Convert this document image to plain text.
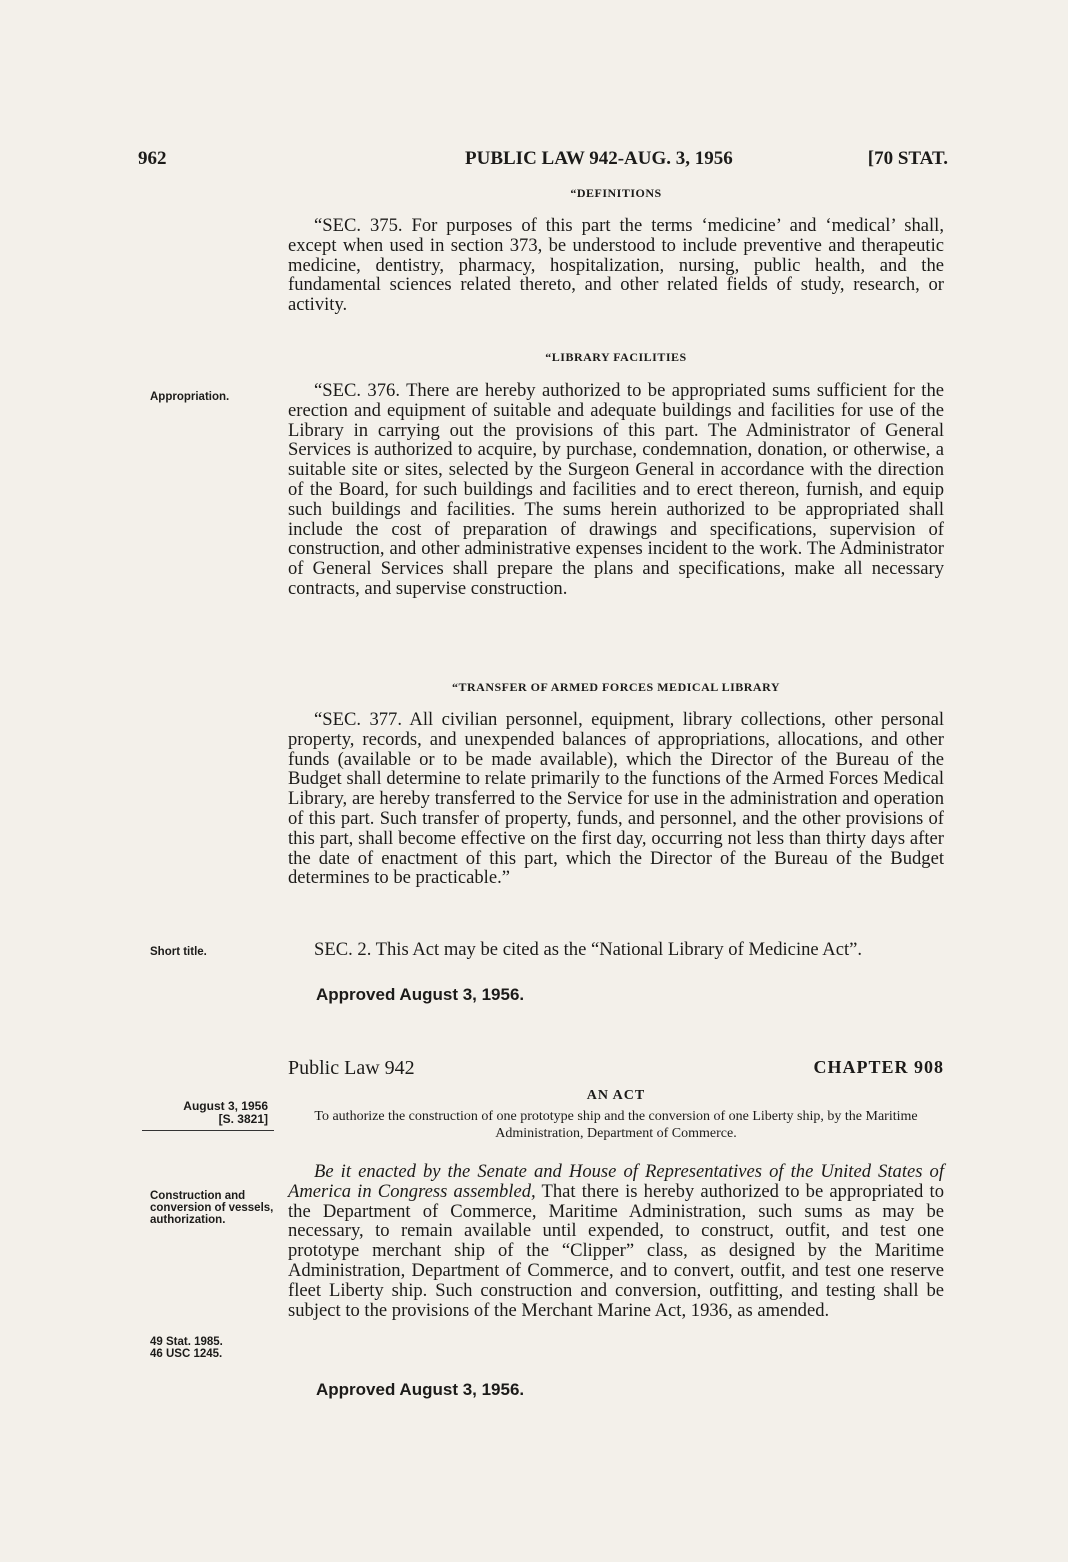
962	PUBLIC LAW 942-AUG. 3, 1956	[70 STAT.
“DEFINITIONS

“SEC. 375. For purposes of this part the terms ‘medicine’ and ‘medical’ shall, except when used in section 373, be understood to include preventive and therapeutic medicine, dentistry, pharmacy, hospitalization, nursing, public health, and the fundamental sciences related thereto, and other related fields of study, research, or activity.

“LIBRARY FACILITIES
Appropriation.	“SEC. 376. There are hereby authorized to be appropriated sums sufficient for the erection and equipment of suitable and adequate buildings and facilities for use of the Library in carrying out the provisions of this part. The Administrator of General Services is authorized to acquire, by purchase, condemnation, donation, or otherwise, a suitable site or sites, selected by the Surgeon General in accordance with the direction of the Board, for such buildings and facilities and to erect thereon, furnish, and equip such buildings and facilities. The sums herein authorized to be appropriated shall include the cost of preparation of drawings and specifications, supervision of construction, and other administrative expenses incident to the work. The Administrator of General Services shall prepare the plans and specifications, make all necessary contracts, and supervise construction.

“TRANSFER OF ARMED FORCES MEDICAL LIBRARY

“SEC. 377. All civilian personnel, equipment, library collections, other personal property, records, and unexpended balances of appropriations, allocations, and other funds (available or to be made available), which the Director of the Bureau of the Budget shall determine to relate primarily to the functions of the Armed Forces Medical Library, are hereby transferred to the Service for use in the administration and operation of this part. Such transfer of property, funds, and personnel, and the other provisions of this part, shall become effective on the first day, occurring not less than thirty days after the date of enactment of this part, which the Director of the Bureau of the Budget determines to be practicable.”

Short title.	SEC. 2. This Act may be cited as the “National Library of Medicine Act”.

Approved August 3, 1956.
Public Law 942	CHAPTER 908
August 3, 1956
[S. 3821]
AN ACT
To authorize the construction of one prototype ship and the conversion of one Liberty ship, by the Maritime Administration, Department of Commerce.
Construction and conversion of vessels, authorization.

Be it enacted by the Senate and House of Representatives of the United States of America in Congress assembled, That there is hereby authorized to be appropriated to the Department of Commerce, Maritime Administration, such sums as may be necessary, to remain available until expended, to construct, outfit, and test one prototype merchant ship of the “Clipper” class, as designed by the Maritime Administration, Department of Commerce, and to convert, outfit, and test one reserve fleet Liberty ship. Such construction and conversion, outfitting, and testing shall be subject to the provisions of the Merchant Marine Act, 1936, as amended.

49 Stat. 1985.
46 USC 1245.
Approved August 3, 1956.
